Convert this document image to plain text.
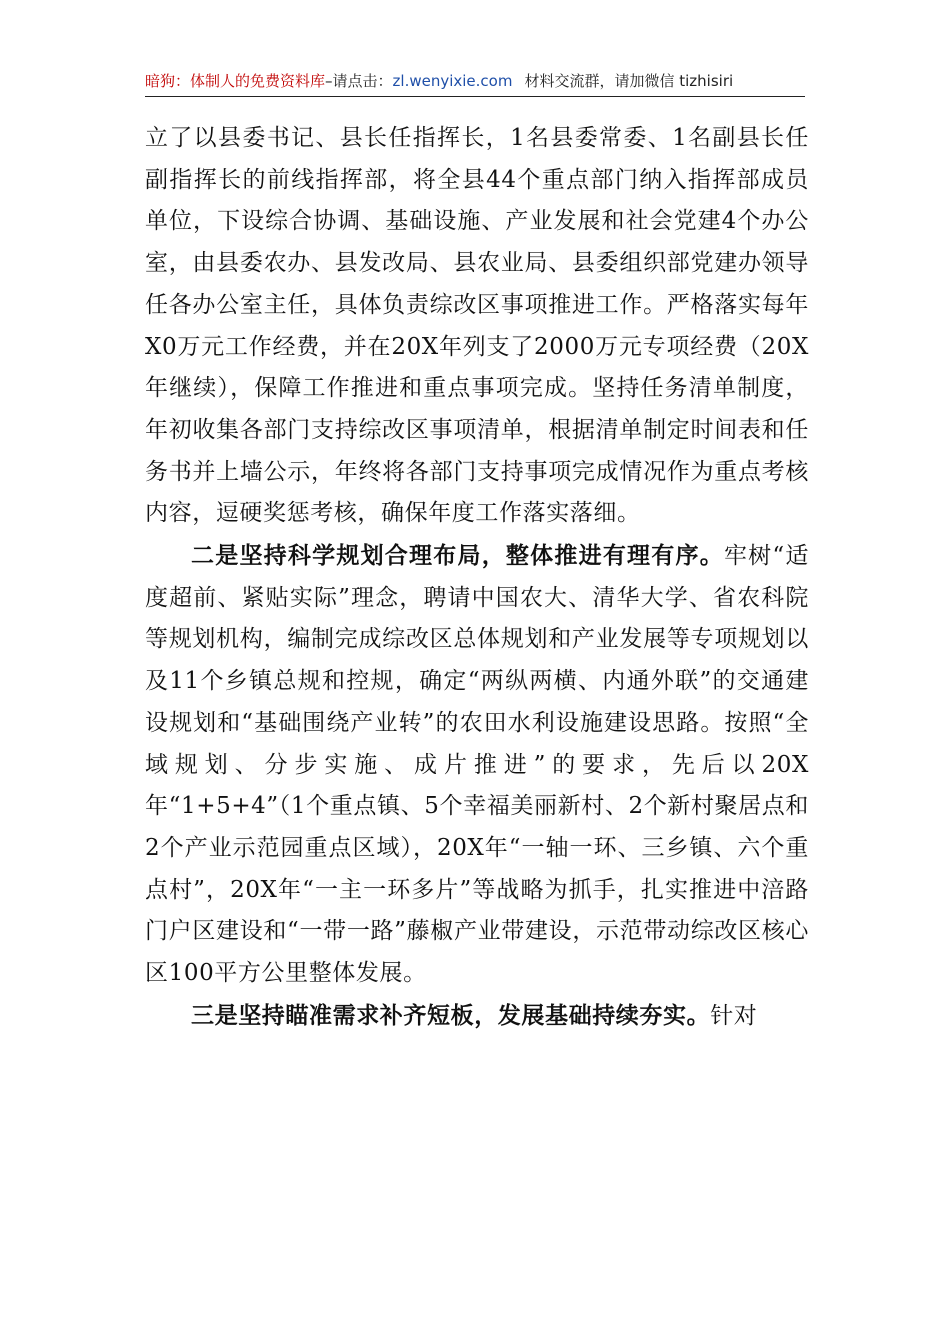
暗狗：体制人的免费资料库–请点击：zl.wenyixie.com 材料交流群，请加微信 tizhisiri

立了以县委书记、县长任指挥长，1名县委常委、1名副县长任副指挥长的前线指挥部，将全县44个重点部门纳入指挥部成员单位，下设综合协调、基础设施、产业发展和社会党建4个办公室，由县委农办、县发改局、县农业局、县委组织部党建办领导任各办公室主任，具体负责综改区事项推进工作。严格落实每年X0万元工作经费，并在20X年列支了2000万元专项经费（20X年继续），保障工作推进和重点事项完成。坚持任务清单制度，年初收集各部门支持综改区事项清单，根据清单制定时间表和任务书并上墙公示，年终将各部门支持事项完成情况作为重点考核内容，逗硬奖惩考核，确保年度工作落实落细。

二是坚持科学规划合理布局，整体推进有理有序。牢树“适度超前、紧贴实际”理念，聘请中国农大、清华大学、省农科院等规划机构，编制完成综改区总体规划和产业发展等专项规划以及11个乡镇总规和控规，确定“两纵两横、内通外联”的交通建设规划和“基础围绕产业转”的农田水利设施建设思路。按照“全域规划、分步实施、成片推进”的要求，先后以20X年“1+5+4”（1个重点镇、5个幸福美丽新村、2个新村聚居点和2个产业示范园重点区域），20X年“一轴一环、三乡镇、六个重点村”，20X年“一主一环多片”等战略为抓手，扎实推进中涪路门户区建设和“一带一路”藤椒产业带建设，示范带动综改区核心区100平方公里整体发展。

三是坚持瞄准需求补齐短板，发展基础持续夯实。针对
